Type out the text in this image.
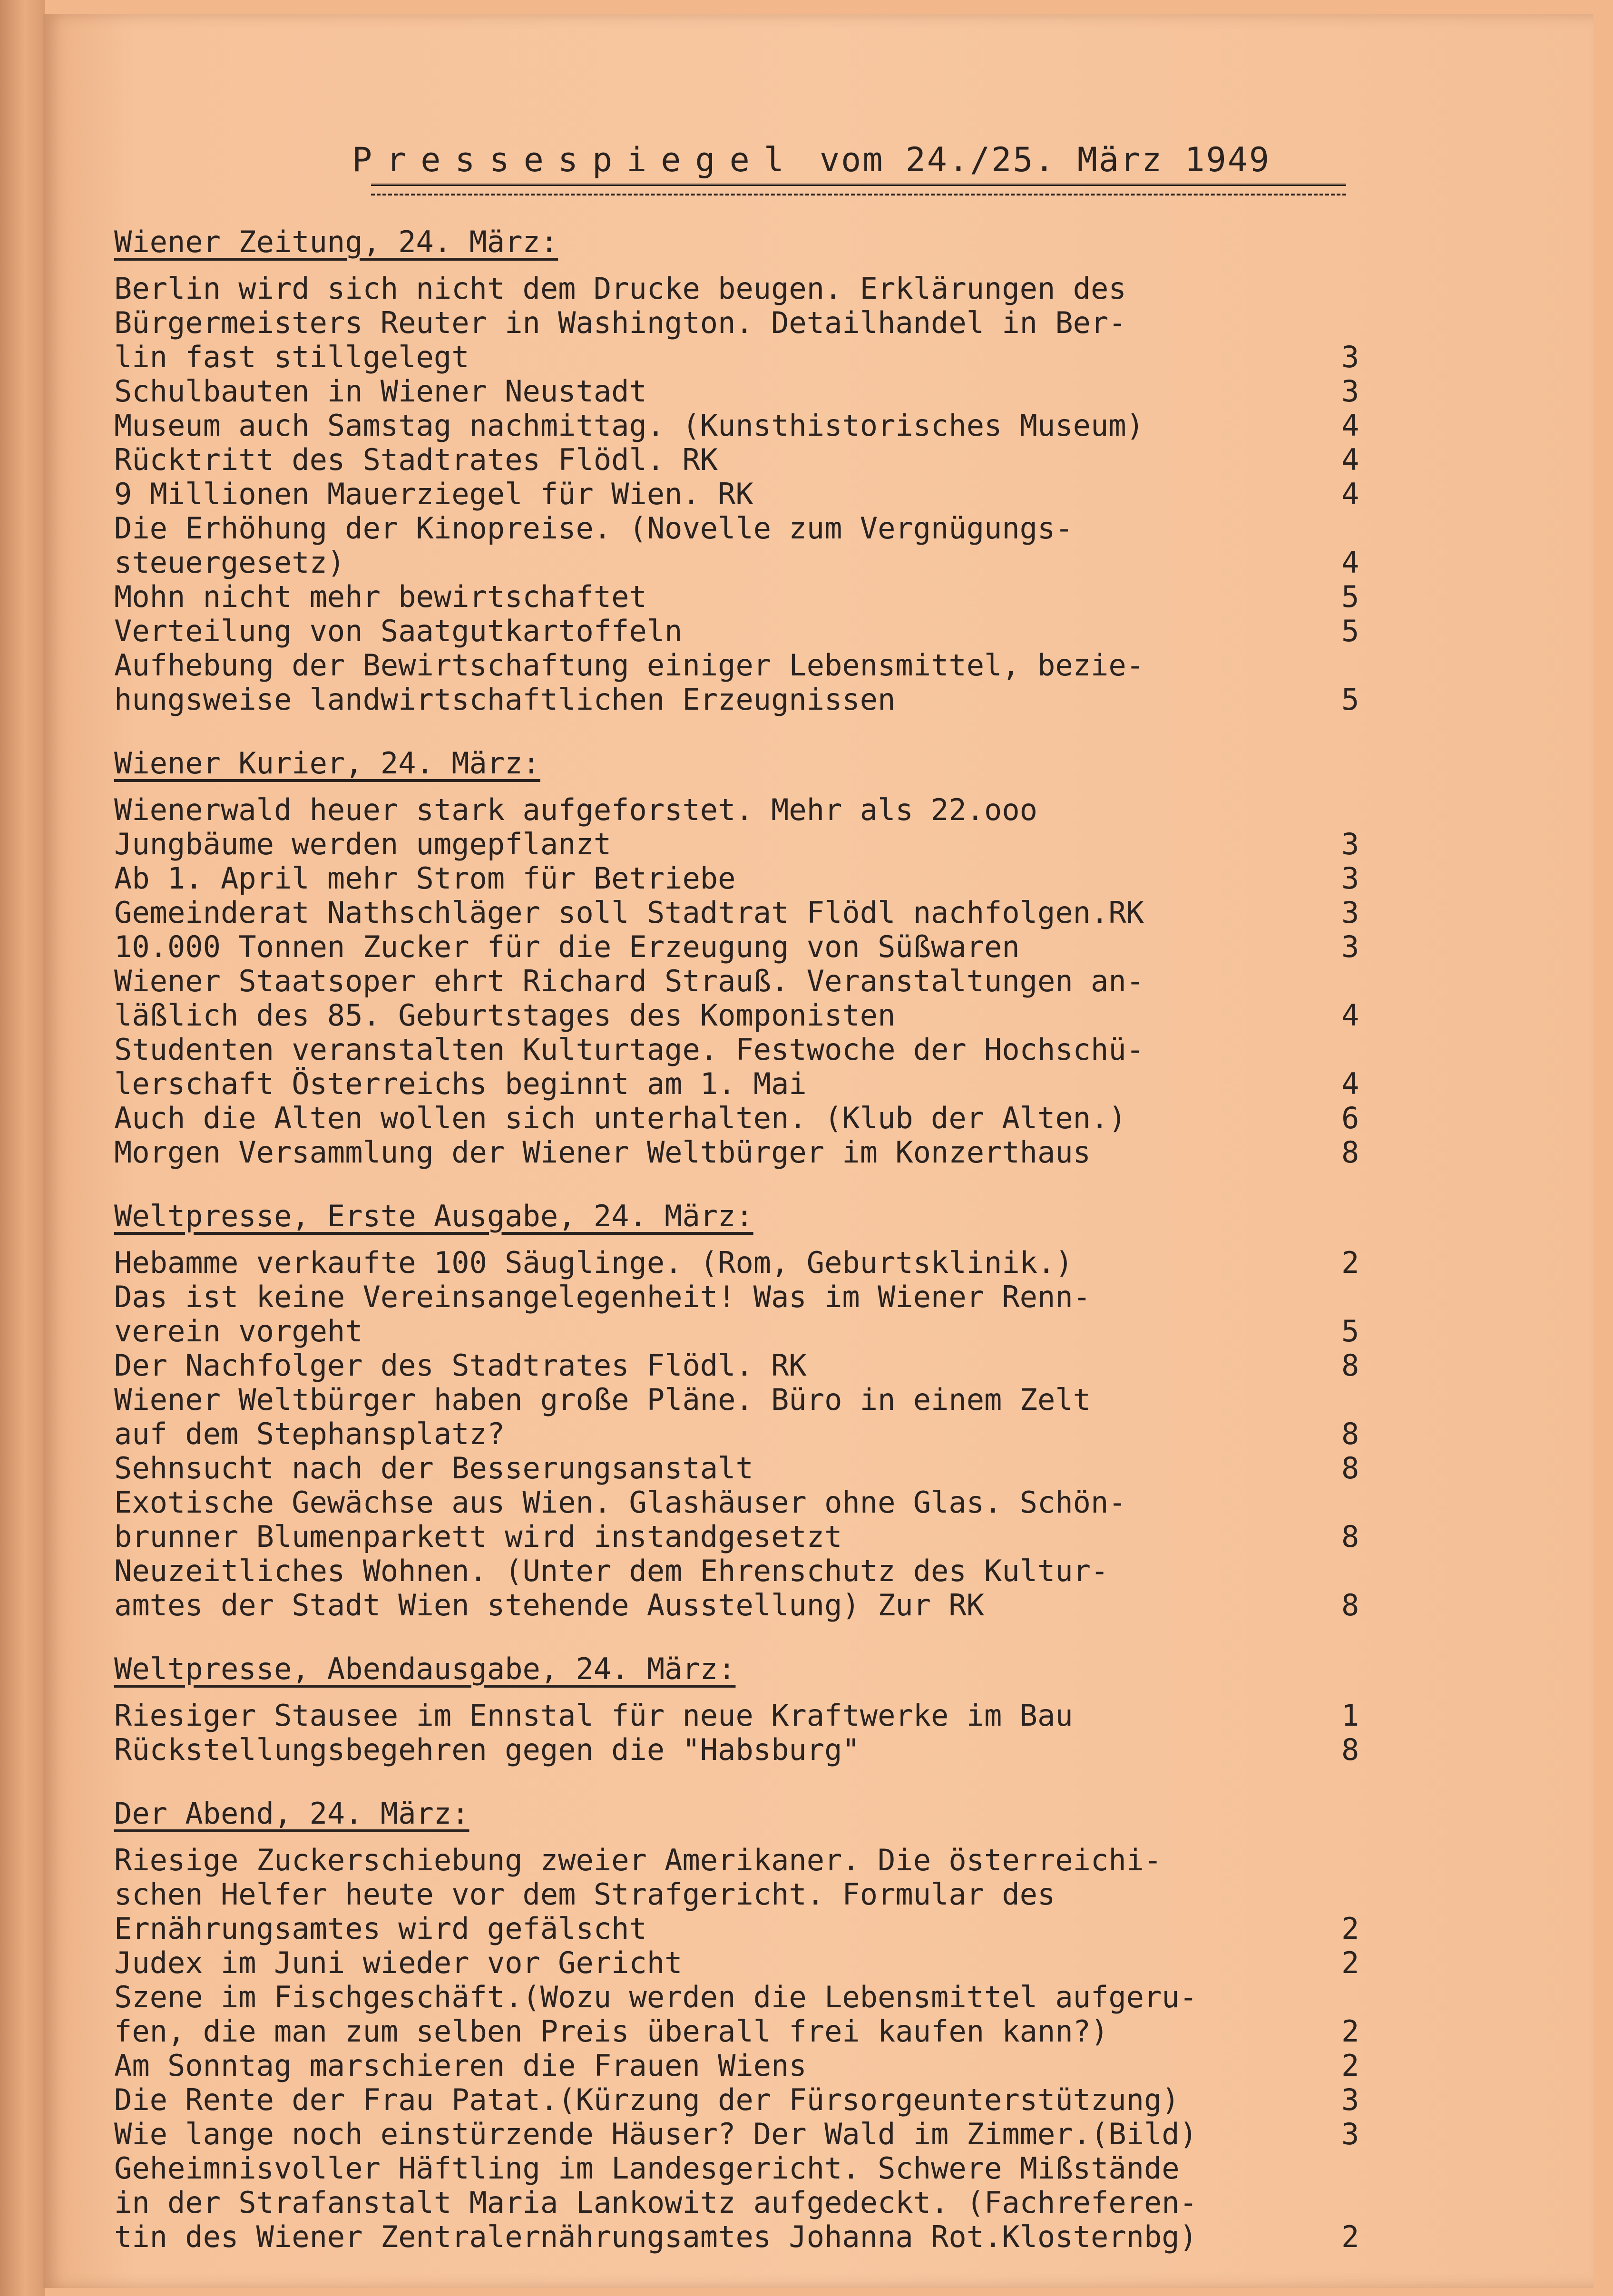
Pressespiegel vom 24./25. März 1949
Wiener Zeitung, 24. März:
Berlin wird sich nicht dem Drucke beugen. Erklärungen des
Bürgermeisters Reuter in Washington. Detailhandel in Ber-
lin fast stillgelegt	3
Schulbauten in Wiener Neustadt	3
Museum auch Samstag nachmittag. (Kunsthistorisches Museum)	4
Rücktritt des Stadtrates Flödl. RK	4
9 Millionen Mauerziegel für Wien. RK	4
Die Erhöhung der Kinopreise. (Novelle zum Vergnügungs-
steuergesetz)	4
Mohn nicht mehr bewirtschaftet	5
Verteilung von Saatgutkartoffeln	5
Aufhebung der Bewirtschaftung einiger Lebensmittel, bezie-
hungsweise landwirtschaftlichen Erzeugnissen	5
Wiener Kurier, 24. März:
Wienerwald heuer stark aufgeforstet. Mehr als 22.ooo
Jungbäume werden umgepflanzt	3
Ab 1. April mehr Strom für Betriebe	3
Gemeinderat Nathschläger soll Stadtrat Flödl nachfolgen.RK	3
10.000 Tonnen Zucker für die Erzeugung von Süßwaren	3
Wiener Staatsoper ehrt Richard Strauß. Veranstaltungen an-
läßlich des 85. Geburtstages des Komponisten	4
Studenten veranstalten Kulturtage. Festwoche der Hochschü-
lerschaft Österreichs beginnt am 1. Mai	4
Auch die Alten wollen sich unterhalten. (Klub der Alten.)	6
Morgen Versammlung der Wiener Weltbürger im Konzerthaus	8
Weltpresse, Erste Ausgabe, 24. März:
Hebamme verkaufte 100 Säuglinge. (Rom, Geburtsklinik.)	2
Das ist keine Vereinsangelegenheit! Was im Wiener Renn-
verein vorgeht	5
Der Nachfolger des Stadtrates Flödl. RK	8
Wiener Weltbürger haben große Pläne. Büro in einem Zelt
auf dem Stephansplatz?	8
Sehnsucht nach der Besserungsanstalt	8
Exotische Gewächse aus Wien. Glashäuser ohne Glas. Schön-
brunner Blumenparkett wird instandgesetzt	8
Neuzeitliches Wohnen. (Unter dem Ehrenschutz des Kultur-
amtes der Stadt Wien stehende Ausstellung) Zur RK	8
Weltpresse, Abendausgabe, 24. März:
Riesiger Stausee im Ennstal für neue Kraftwerke im Bau	1
Rückstellungsbegehren gegen die "Habsburg"	8
Der Abend, 24. März:
Riesige Zuckerschiebung zweier Amerikaner. Die österreichi-
schen Helfer heute vor dem Strafgericht. Formular des
Ernährungsamtes wird gefälscht	2
Judex im Juni wieder vor Gericht	2
Szene im Fischgeschäft.(Wozu werden die Lebensmittel aufgeru-
fen, die man zum selben Preis überall frei kaufen kann?)	2
Am Sonntag marschieren die Frauen Wiens	2
Die Rente der Frau Patat.(Kürzung der Fürsorgeunterstützung)	3
Wie lange noch einstürzende Häuser? Der Wald im Zimmer.(Bild)	3
Geheimnisvoller Häftling im Landesgericht. Schwere Mißstände
in der Strafanstalt Maria Lankowitz aufgedeckt. (Fachreferen-
tin des Wiener Zentralernährungsamtes Johanna Rot.Klosternbg)	2
